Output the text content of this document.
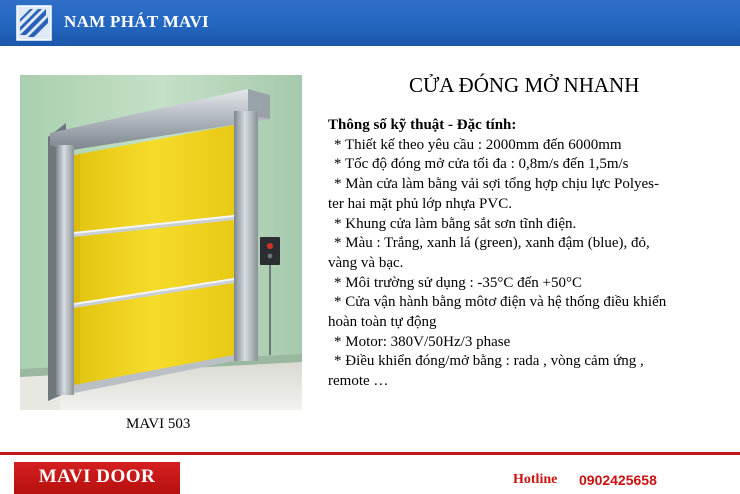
NAM PHÁT MAVI
MAVI 503
CỬA ĐÓNG MỞ NHANH
Thông số kỹ thuật - Đặc tính:
* Thiết kế theo yêu cầu : 2000mm đến 6000mm
* Tốc độ đóng mở cửa tối đa : 0,8m/s đến 1,5m/s
* Màn cửa làm bằng vải sợi tổng hợp chịu lực Polyes-
ter hai mặt phủ lớp nhựa PVC.
* Khung cửa làm bằng sắt sơn tĩnh điện.
* Màu : Trắng, xanh lá (green), xanh đậm (blue), đỏ,
vàng và bạc.
* Môi trường sử dụng : -35°C đến +50°C
* Cửa vận hành bằng môtơ điện và hệ thống điều khiển
hoàn toàn tự động
* Motor: 380V/50Hz/3 phase
* Điều khiển đóng/mở bằng : rada , vòng cảm ứng ,
remote …
MAVI DOOR	Hotline 0902425658
